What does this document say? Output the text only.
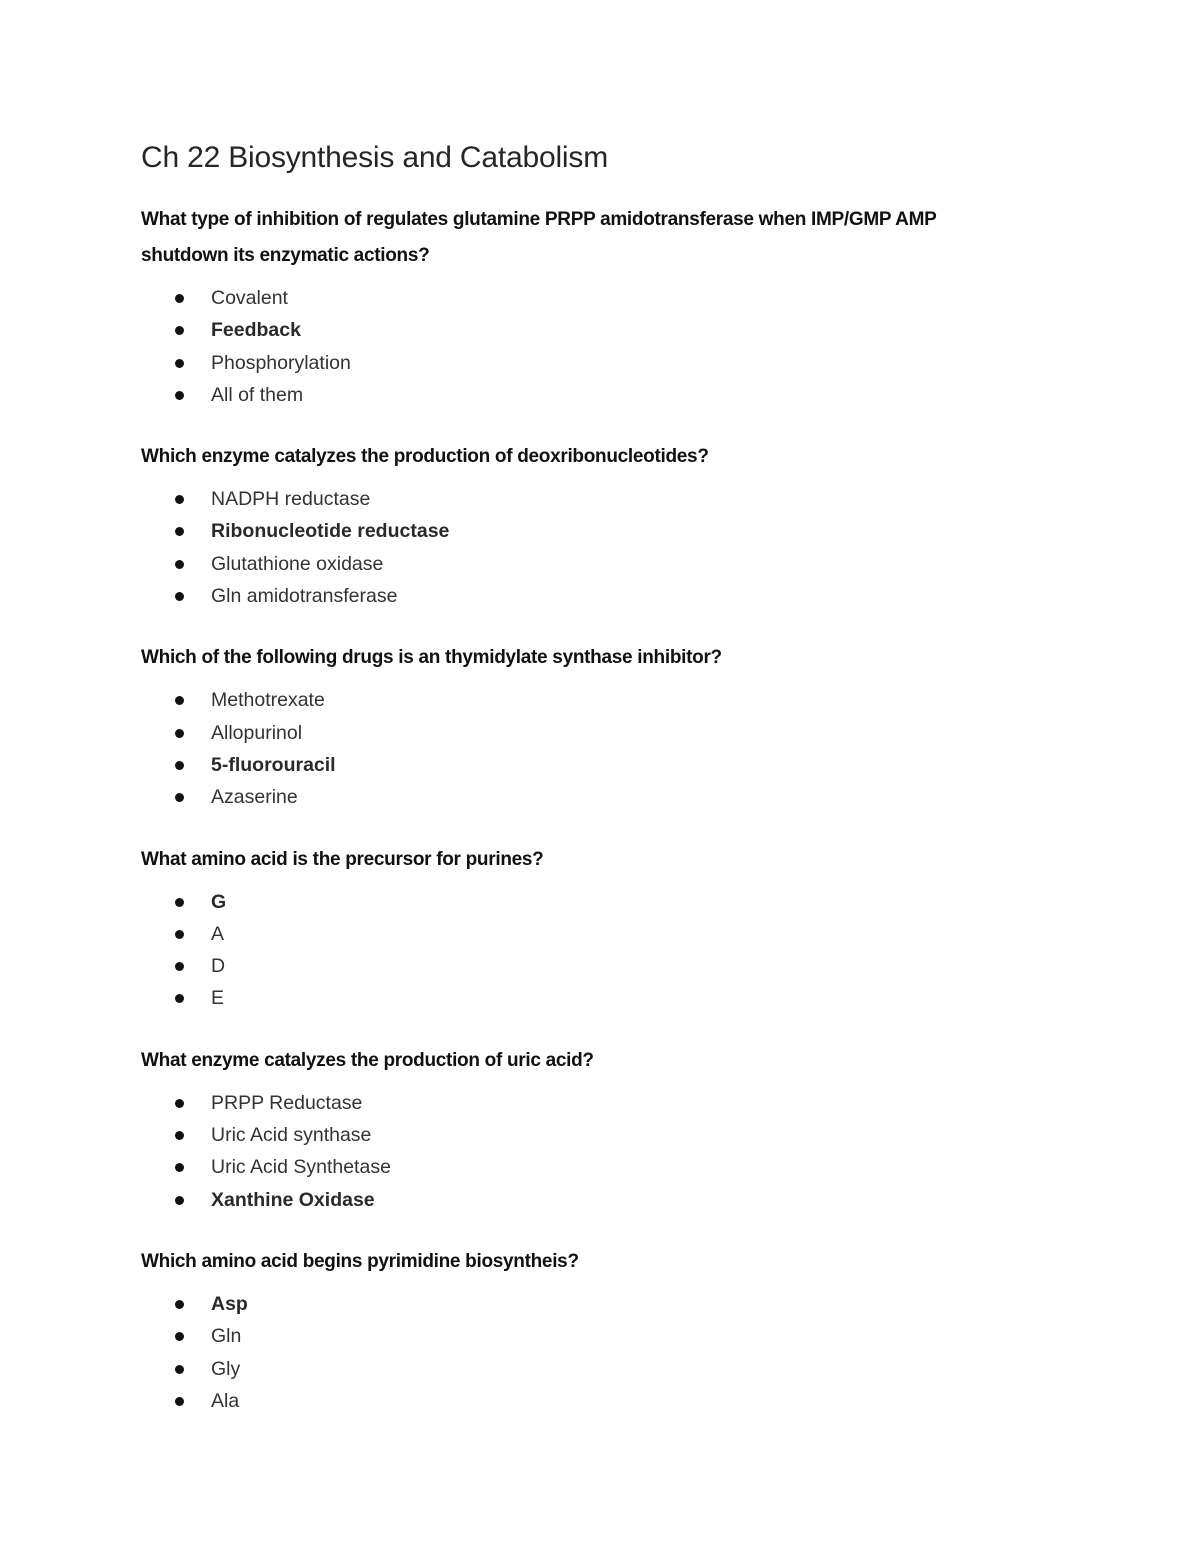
Ch 22 Biosynthesis and Catabolism

What type of inhibition of regulates glutamine PRPP amidotransferase when IMP/GMP AMP
shutdown its enzymatic actions?

Covalent
Feedback
Phosphorylation
All of them

Which enzyme catalyzes the production of deoxribonucleotides?

NADPH reductase
Ribonucleotide reductase
Glutathione oxidase
Gln amidotransferase

Which of the following drugs is an thymidylate synthase inhibitor?

Methotrexate
Allopurinol
5-fluorouracil
Azaserine

What amino acid is the precursor for purines?

G
A
D
E

What enzyme catalyzes the production of uric acid?

PRPP Reductase
Uric Acid synthase
Uric Acid Synthetase
Xanthine Oxidase

Which amino acid begins pyrimidine biosyntheis?

Asp
Gln
Gly
Ala
